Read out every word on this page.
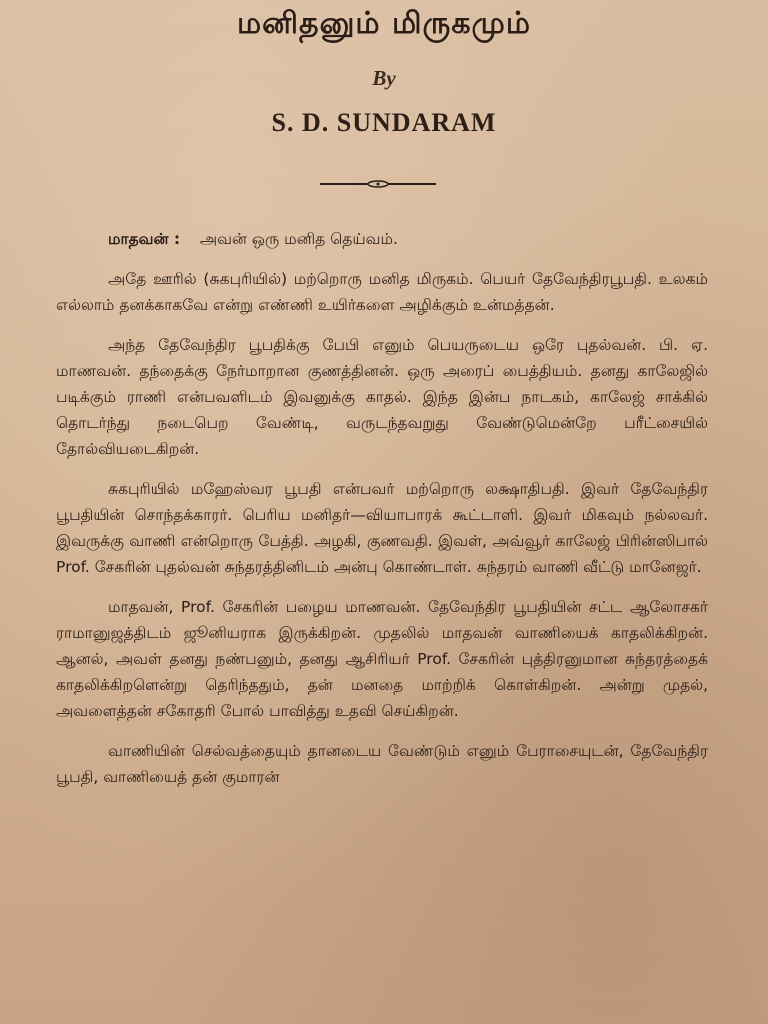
மனிதனும் மிருகமும்
By
S. D. SUNDARAM

மாதவன் : அவன் ஒரு மனித தெய்வம்.

அதே ஊரில் (சுகபுரியில்) மற்றொரு மனித மிருகம். பெயர் தேவேந்திரபூபதி. உலகம் எல்லாம் தனக்காகவே என்று எண்ணி உயிர்களை அழிக்கும் உன்மத்தன்.

அந்த தேவேந்திர பூபதிக்கு பேபி எனும் பெயருடைய ஒரே புதல்வன். பி. ஏ. மாணவன். தந்தைக்கு நேர்மாறான குணத்தினன். ஒரு அரைப் பைத்தியம். தனது காலேஜில் படிக்கும் ராணி என்பவளிடம் இவனுக்கு காதல். இந்த இன்ப நாடகம், காலேஜ் சாக்கில் தொடர்ந்து நடைபெற வேண்டி, வருடந்தவறுது வேண்டுமென்றே பரீட்சையில் தோல்வியடைகிறன்.

சுகபுரியில் மஹேஸ்வர பூபதி என்பவர் மற்றொரு லக்ஷாதிபதி. இவர் தேவேந்திர பூபதியின் சொந்தக்காரர். பெரிய மனிதர்—வியாபாரக் கூட்டாளி. இவர் மிகவும் நல்லவர். இவருக்கு வாணி என்றொரு பேத்தி. அழகி, குணவதி. இவள், அவ்வூர் காலேஜ் பிரின்ஸிபால் Prof. சேகரின் புதல்வன் சுந்தரத்தினிடம் அன்பு கொண்டாள். சுந்தரம் வாணி வீட்டு மானேஜர்.

மாதவன், Prof. சேகரின் பழைய மாணவன். தேவேந்திர பூபதியின் சட்ட ஆலோசகர் ராமானுஜத்திடம் ஜூனியராக இருக்கிறன். முதலில் மாதவன் வாணியைக் காதலிக்கிறன். ஆனல், அவள் தனது நண்பனும், தனது ஆசிரியர் Prof. சேகரின் புத்திரனுமான சுந்தரத்தைக் காதலிக்கிறளென்று தெரிந்ததும், தன் மனதை மாற்றிக் கொள்கிறன். அன்று முதல், அவளைத்தன் சகோதரி போல் பாவித்து உதவி செய்கிறன்.

வாணியின் செல்வத்தையும் தானடைய வேண்டும் எனும் பேராசையுடன், தேவேந்திர பூபதி, வாணியைத் தன் குமாரன்
